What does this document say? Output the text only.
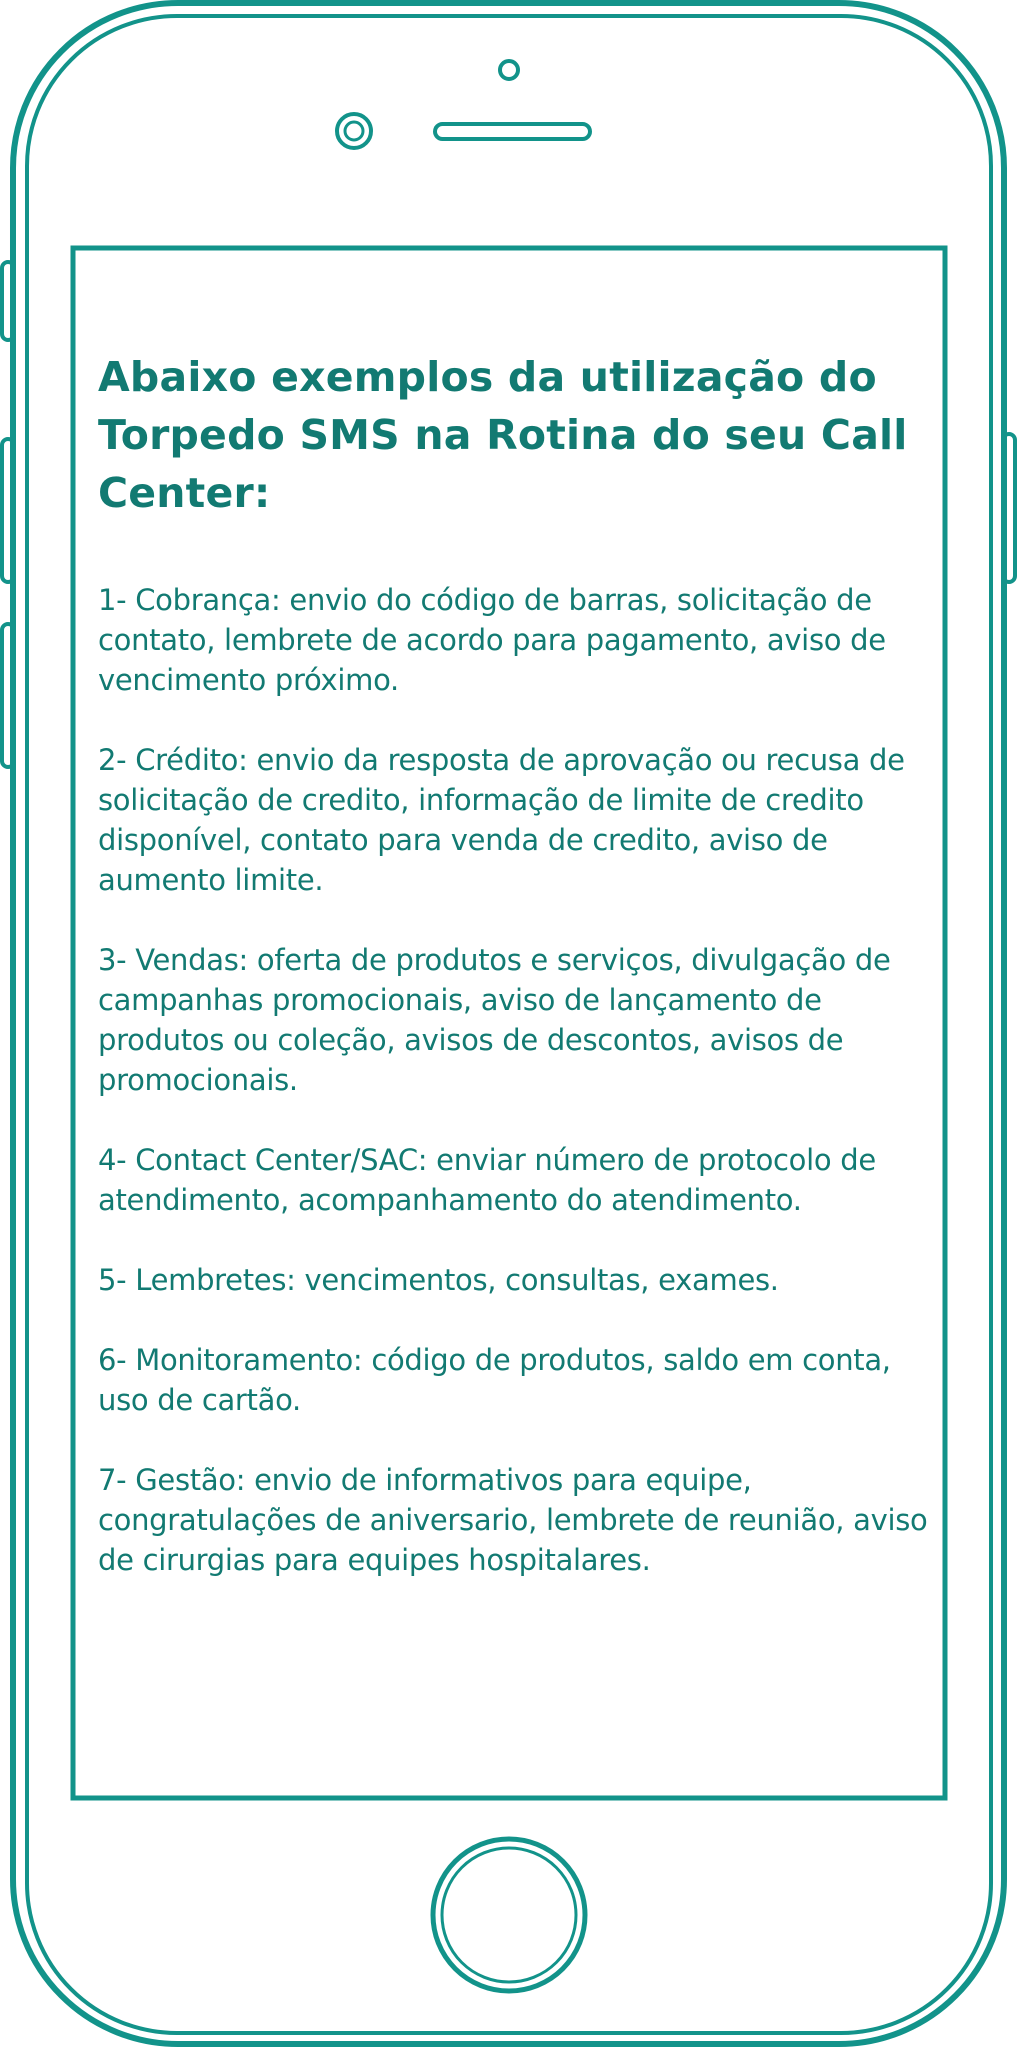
Abaixo exemplos da utilização do Torpedo SMS na Rotina do seu Call Center:
1- Cobrança: envio do código de barras, solicitação de contato, lembrete de acordo para pagamento, aviso de vencimento próximo.
2- Crédito: envio da resposta de aprovação ou recusa de solicitação de credito, informação de limite de credito disponível, contato para venda de credito, aviso de aumento limite.
3- Vendas: oferta de produtos e serviços, divulgação de campanhas promocionais, aviso de lançamento de produtos ou coleção, avisos de descontos, avisos de promocionais.
4- Contact Center/SAC: enviar número de protocolo de atendimento, acompanhamento do atendimento.
5- Lembretes: vencimentos, consultas, exames.
6- Monitoramento: código de produtos, saldo em conta, uso de cartão.
7- Gestão: envio de informativos para equipe, congratulações de aniversario, lembrete de reunião, aviso de cirurgias para equipes hospitalares.
